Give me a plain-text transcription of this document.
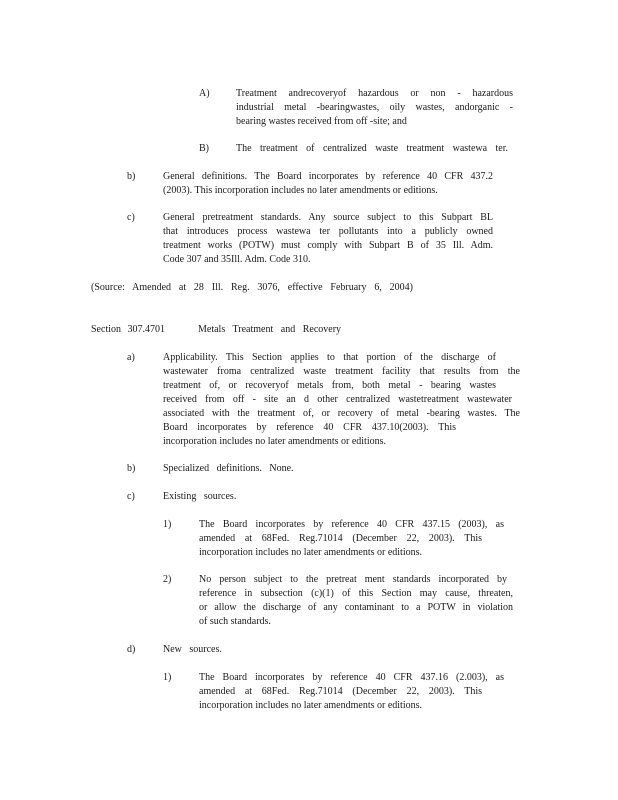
A)	Treatment andrecoveryof hazardous or non - hazardous
industrial metal -bearingwastes, oily wastes, andorganic -
bearing wastes received from off -site; and
B)	The treatment of centralized waste treatment wastewa ter.
b)	General definitions. The Board incorporates by reference 40 CFR 437.2
(2003). This incorporation includes no later amendments or editions.
c)	General pretreatment standards. Any source subject to this Subpart BL
that introduces process wastewa ter pollutants into a publicly owned
treatment works (POTW) must comply with Subpart B of 35 Ill. Adm.
Code 307 and 35Ill. Adm. Code 310.
(Source: Amended at 28 Ill. Reg. 3076, effective February 6, 2004)
Section 307.4701	Metals Treatment and Recovery
a)	Applicability. This Section applies to that portion of the discharge of
wastewater froma centralized waste treatment facility that results from the
treatment of, or recoveryof metals from, both metal - bearing wastes
received from off - site an d other centralized wastetreatment wastewater
associated with the treatment of, or recovery of metal -bearing wastes. The
Board incorporates by reference 40 CFR 437.10(2003). This
incorporation includes no later amendments or editions.
b)	Specialized definitions. None.
c)	Existing sources.
1)	The Board incorporates by reference 40 CFR 437.15 (2003), as
amended at 68Fed. Reg.71014 (December 22, 2003). This
incorporation includes no later amendments or editions.
2)	No person subject to the pretreat ment standards incorporated by
reference in subsection (c)(1) of this Section may cause, threaten,
or allow the discharge of any contaminant to a POTW in violation
of such standards.
d)	New sources.
1)	The Board incorporates by reference 40 CFR 437.16 (2.003), as
amended at 68Fed. Reg.71014 (December 22, 2003). This
incorporation includes no later amendments or editions.
